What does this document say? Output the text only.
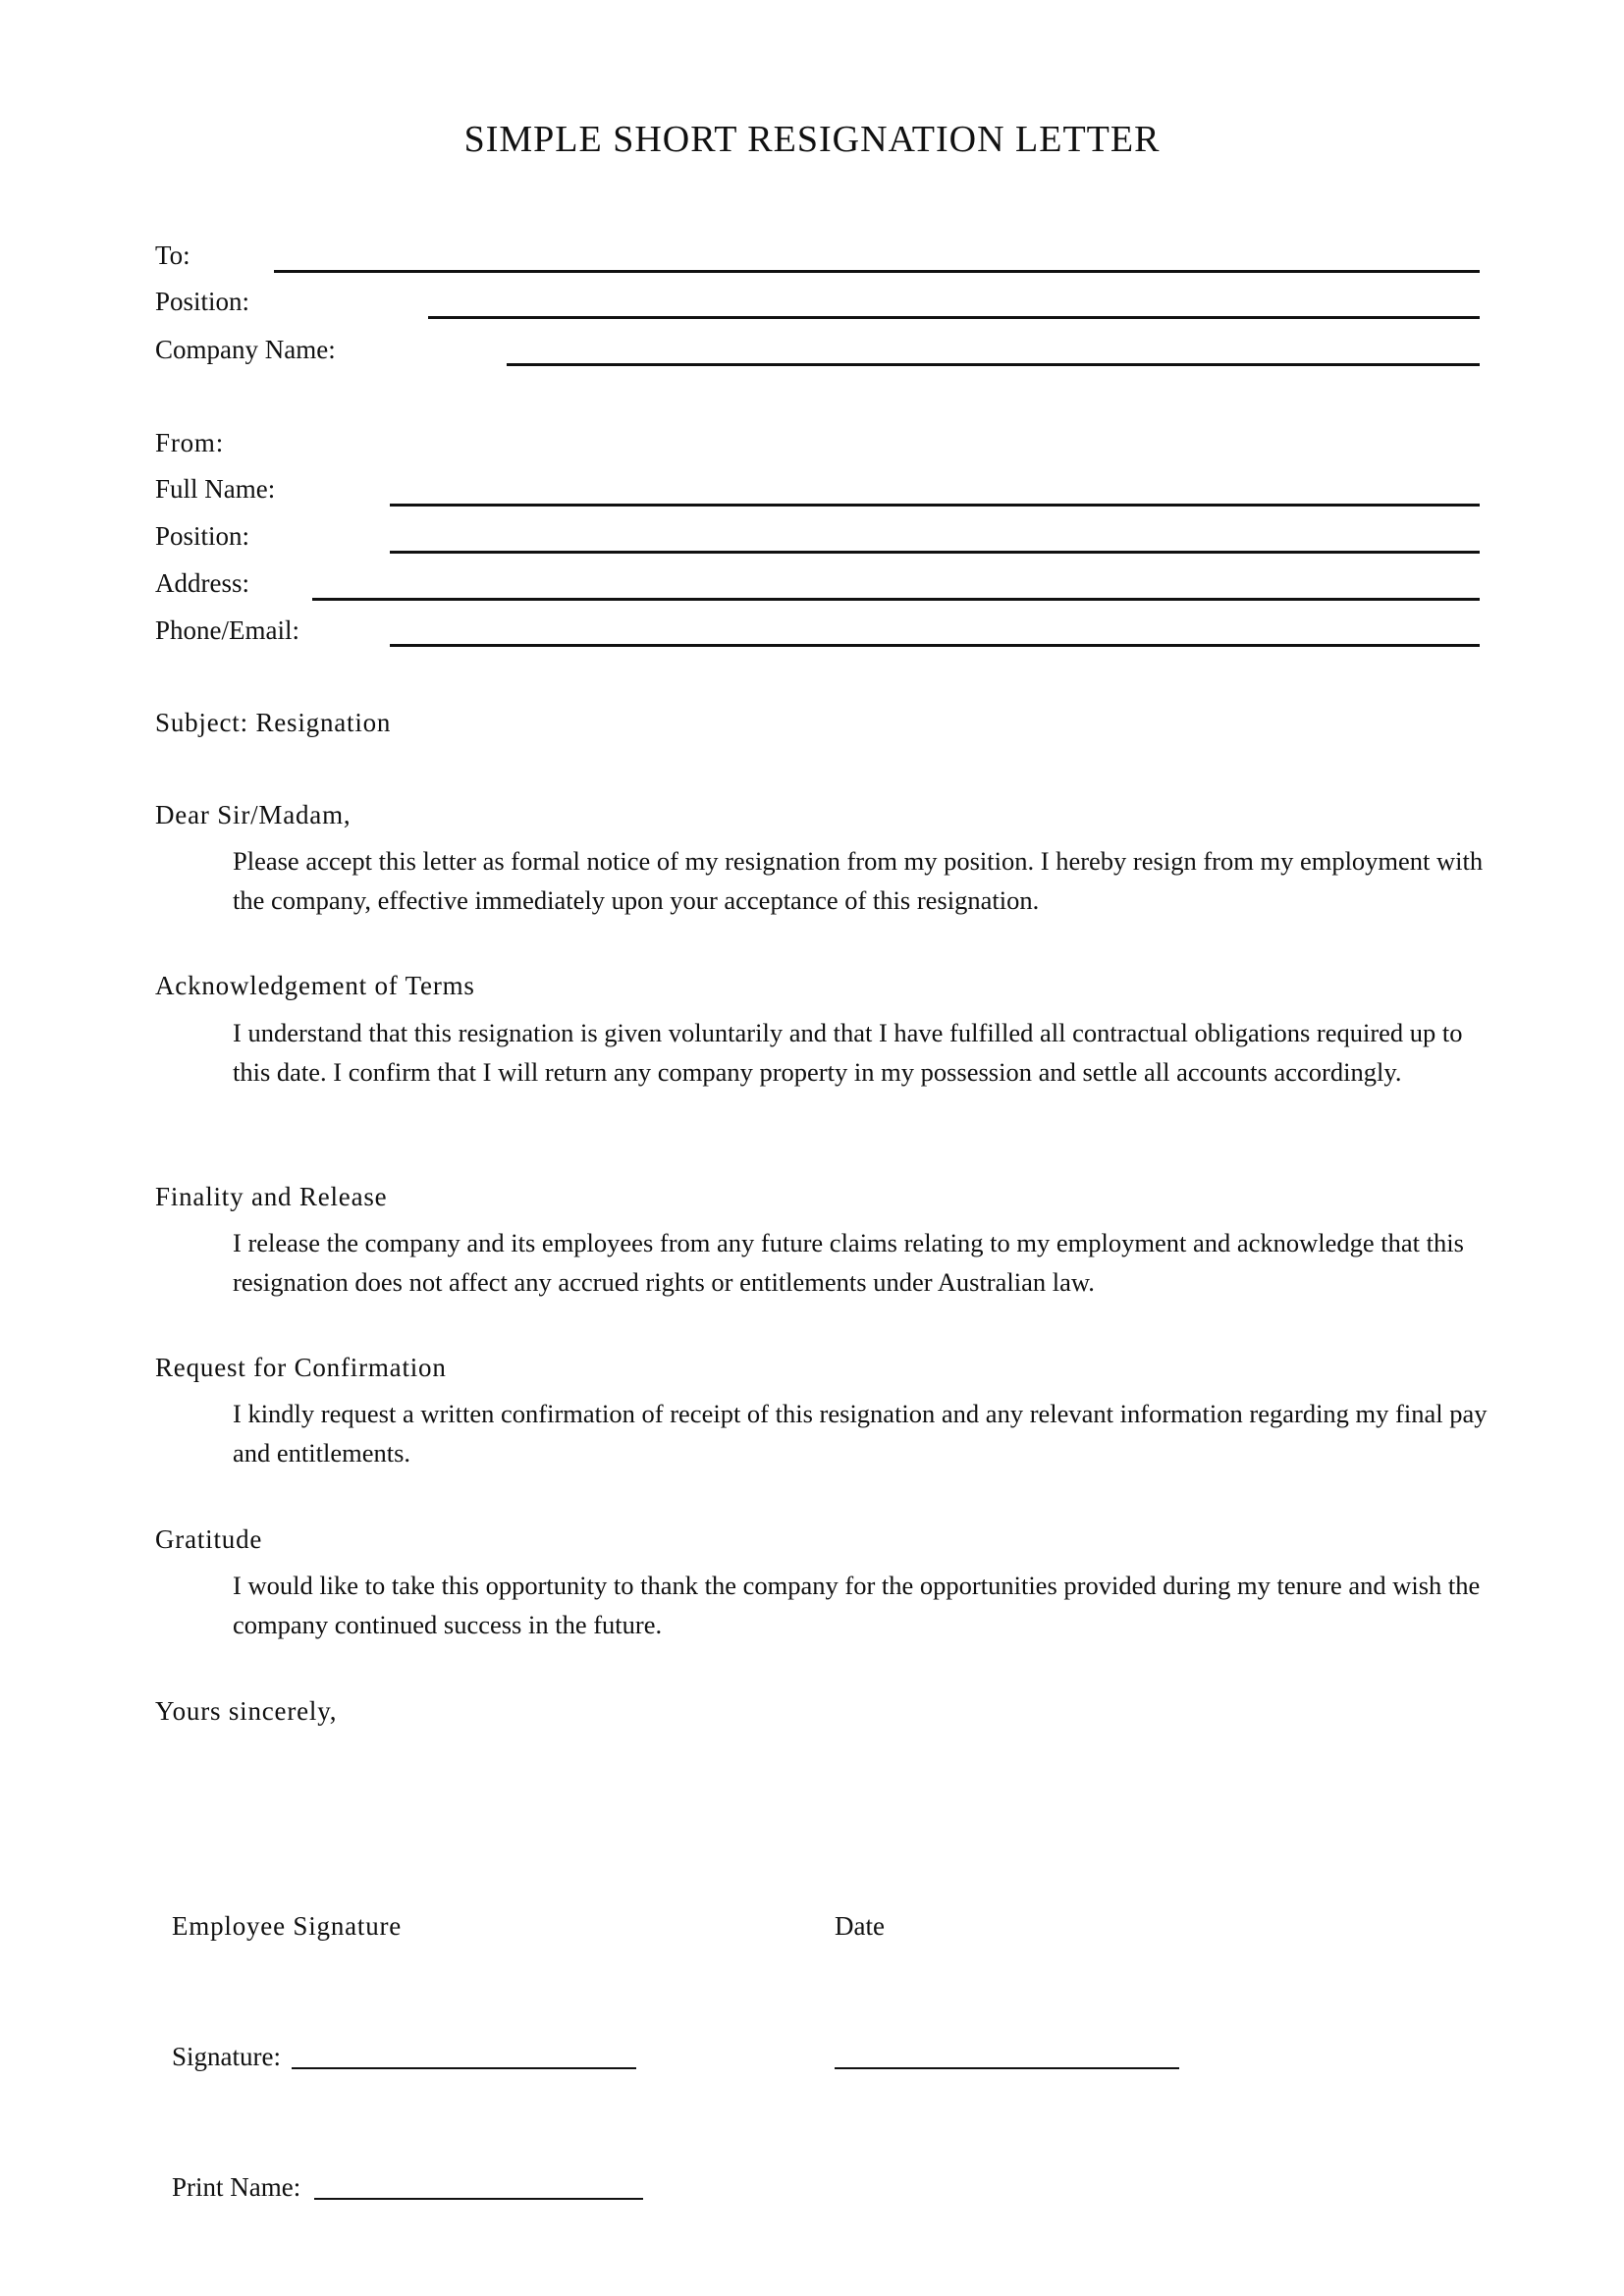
SIMPLE SHORT RESIGNATION LETTER
To:
Position:
Company Name:
From:
Full Name:
Position:
Address:
Phone/Email:
Subject: Resignation
Dear Sir/Madam,
Please accept this letter as formal notice of my resignation from my position. I hereby resign from my employment with the company, effective immediately upon your acceptance of this resignation.
Acknowledgement of Terms
I understand that this resignation is given voluntarily and that I have fulfilled all contractual obligations required up to this date. I confirm that I will return any company property in my possession and settle all accounts accordingly.
Finality and Release
I release the company and its employees from any future claims relating to my employment and acknowledge that this resignation does not affect any accrued rights or entitlements under Australian law.
Request for Confirmation
I kindly request a written confirmation of receipt of this resignation and any relevant information regarding my final pay and entitlements.
Gratitude
I would like to take this opportunity to thank the company for the opportunities provided during my tenure and wish the company continued success in the future.
Yours sincerely,
Employee Signature	Date
Signature:
Print Name:
